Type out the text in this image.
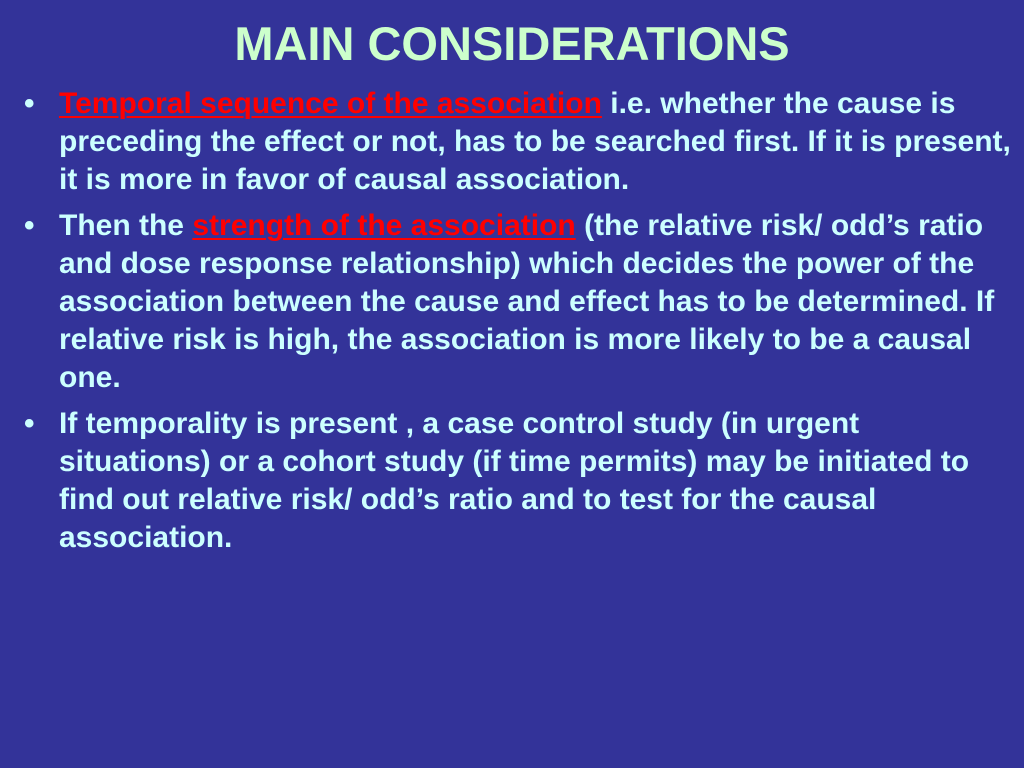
MAIN CONSIDERATIONS
• Temporal sequence of the association i.e. whether the cause is preceding the effect or not, has to be searched first. If it is present, it is more in favor of causal association.
• Then the strength of the association (the relative risk/ odd’s ratio and dose response relationship) which decides the power of the association between the cause and effect has to be determined. If relative risk is high, the association is more likely to be a causal one.
• If temporality is present , a case control study (in urgent situations) or a cohort study (if time permits) may be initiated to find out relative risk/ odd’s ratio and to test for the causal association.
